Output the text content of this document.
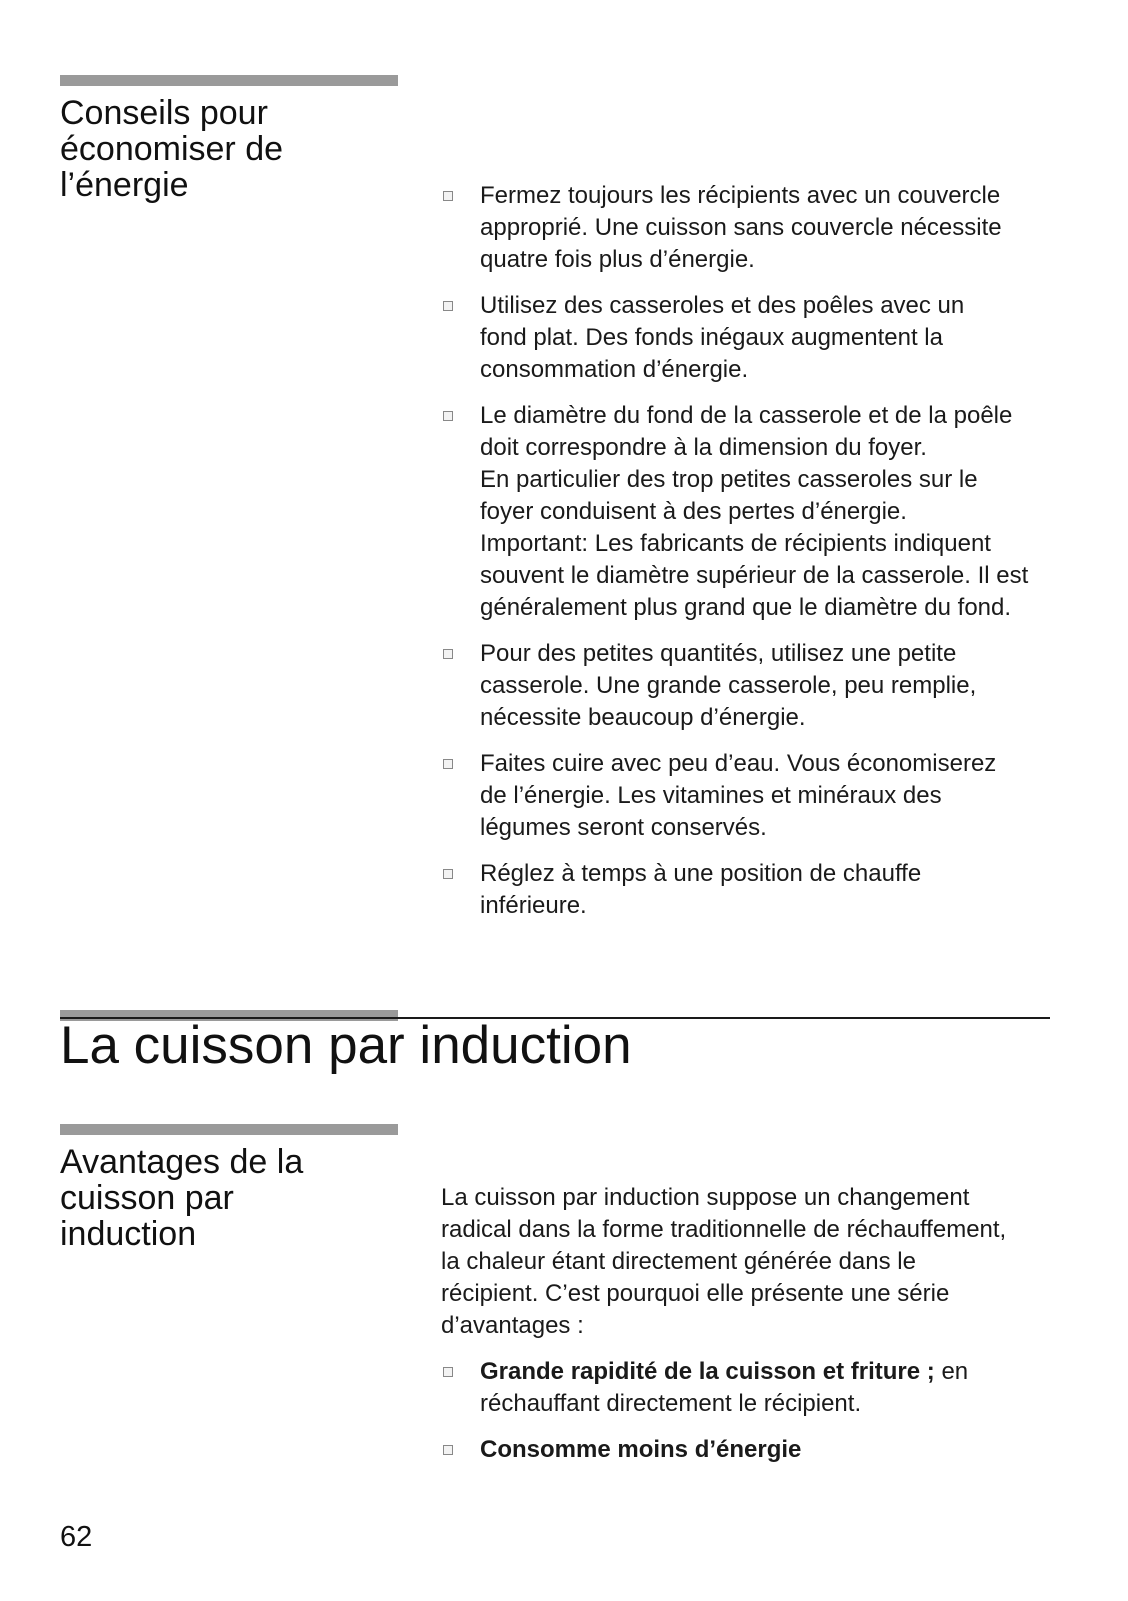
Conseils pour
économiser de
l’énergie	Fermez toujours les récipients avec un couvercle
approprié. Une cuisson sans couvercle nécessite
quatre fois plus d’énergie.
Utilisez des casseroles et des poêles avec un
fond plat. Des fonds inégaux augmentent la
consommation d’énergie.
Le diamètre du fond de la casserole et de la poêle
doit correspondre à la dimension du foyer.
En particulier des trop petites casseroles sur le
foyer conduisent à des pertes d’énergie.
Important: Les fabricants de récipients indiquent
souvent le diamètre supérieur de la casserole. Il est
généralement plus grand que le diamètre du fond.
Pour des petites quantités, utilisez une petite
casserole. Une grande casserole, peu remplie,
nécessite beaucoup d’énergie.
Faites cuire avec peu d’eau. Vous économiserez
de l’énergie. Les vitamines et minéraux des
légumes seront conservés.
Réglez à temps à une position de chauffe
inférieure.
La cuisson par induction
Avantages de la
cuisson par
induction

La cuisson par induction suppose un changement
radical dans la forme traditionnelle de réchauffement,
la chaleur étant directement générée dans le
récipient. C’est pourquoi elle présente une série
d’avantages :

Grande rapidité de la cuisson et friture ; en
réchauffant directement le récipient.
Consomme moins d’énergie
62
